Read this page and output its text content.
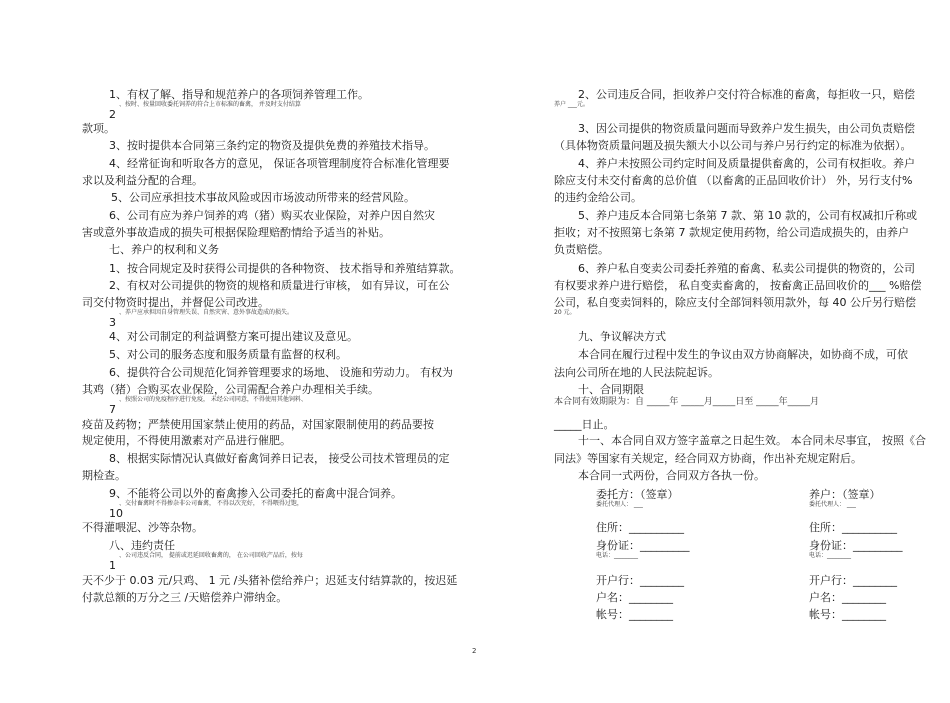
1、有权了解、指导和规范养户的各项饲养管理工作。
、按时、按量回收委托饲养的符合上市标准的畜禽， 并及时支付结算
2
款项。
3、按时提供本合同第三条约定的物资及提供免费的养殖技术指导。
4、经常征询和听取各方的意见， 保证各项管理制度符合标准化管理要
求以及利益分配的合理。
5、公司应承担技术事故风险或因市场波动所带来的经营风险。
6、公司有应为养户饲养的鸡（猪）购买农业保险，对养户因自然灾
害或意外事故造成的损失可根据保险理赔酌情给予适当的补贴。
七、养户的权利和义务
1、按合同规定及时获得公司提供的各种物资、 技术指导和养殖结算款。
2、有权对公司提供的物资的规格和质量进行审核， 如有异议，可在公
司交付物资时提出，并督促公司改进。
、养户应承担因自身管理失误、自然灾害、意外事故造成的损失。
3
4、对公司制定的利益调整方案可提出建议及意见。
5、对公司的服务态度和服务质量有监督的权利。
6、提供符合公司规范化饲养管理要求的场地、 设施和劳动力。 有权为
其鸡（猪）合购买农业保险，公司需配合养户办理相关手续。
、按照公司的免疫程序进行免疫， 未经公司同意，不得使用其他饲料、
7
疫苗及药物；严禁使用国家禁止使用的药品，对国家限制使用的药品要按
规定使用，不得使用激素对产品进行催肥。
8、根据实际情况认真做好畜禽饲养日记表， 接受公司技术管理员的定
期检查。
9、不能将公司以外的畜禽掺入公司委托的畜禽中混合饲养。
、交付畜禽时不得掺杂非公司畜禽， 不得以次充好， 不得喂得过饱，
10
不得灌喂泥、沙等杂物。
八、违约责任
、公司违反合同， 提前或迟延回收畜禽的， 在公司回收产品后，按每
1
天不少于 0.03 元/只鸡、 1 元 /头猪补偿给养户；迟延支付结算款的，按迟延
付款总额的万分之三 /天赔偿养户滞纳金。
2、公司违反合同，拒收养户交付符合标准的畜禽，每拒收一只，赔偿
养户 ___元。
3、因公司提供的物资质量问题而导致养户发生损失，由公司负责赔偿
（具体物资质量问题及损失额大小以公司与养户另行约定的标准为依据）。
4、养户未按照公司约定时间及质量提供畜禽的，公司有权拒收。养户
除应支付未交付畜禽的总价值 （以畜禽的正品回收价计） 外，另行支付%
的违约金给公司。
5、养户违反本合同第七条第 7 款、第 10 款的，公司有权减扣斤称或
拒收；对不按照第七条第 7 款规定使用药物，给公司造成损失的，由养户
负责赔偿。
6、养户私自变卖公司委托养殖的畜禽、私卖公司提供的物资的，公司
有权要求养户进行赔偿， 私自变卖畜禽的， 按畜禽正品回收价的___ %赔偿
公司，私自变卖饲料的，除应支付全部饲料领用款外，每 40 公斤另行赔偿
20 元。
九、争议解决方式
本合同在履行过程中发生的争议由双方协商解决，如协商不成，可依
法向公司所在地的人民法院起诉。
十、合同期限
本合同有效期限为：自 _____年 _____月_____日至 _____年_____月
_____日止。
十一、本合同自双方签字盖章之日起生效。 本合同未尽事宜， 按照《合
同法》等国家有关规定，经合同双方协商，作出补充规定附后。
本合同一式两份，合同双方各执一份。
委托方：（签章）
委托代理人： ___
住所：__________
身份证：_________
电话：________
开户行：________
户名：________
帐号：________
养户：（签章）
委托代理人： ___
住所：__________
身份证：_________
电话：________
开户行：________
户名：________
帐号：________
2
